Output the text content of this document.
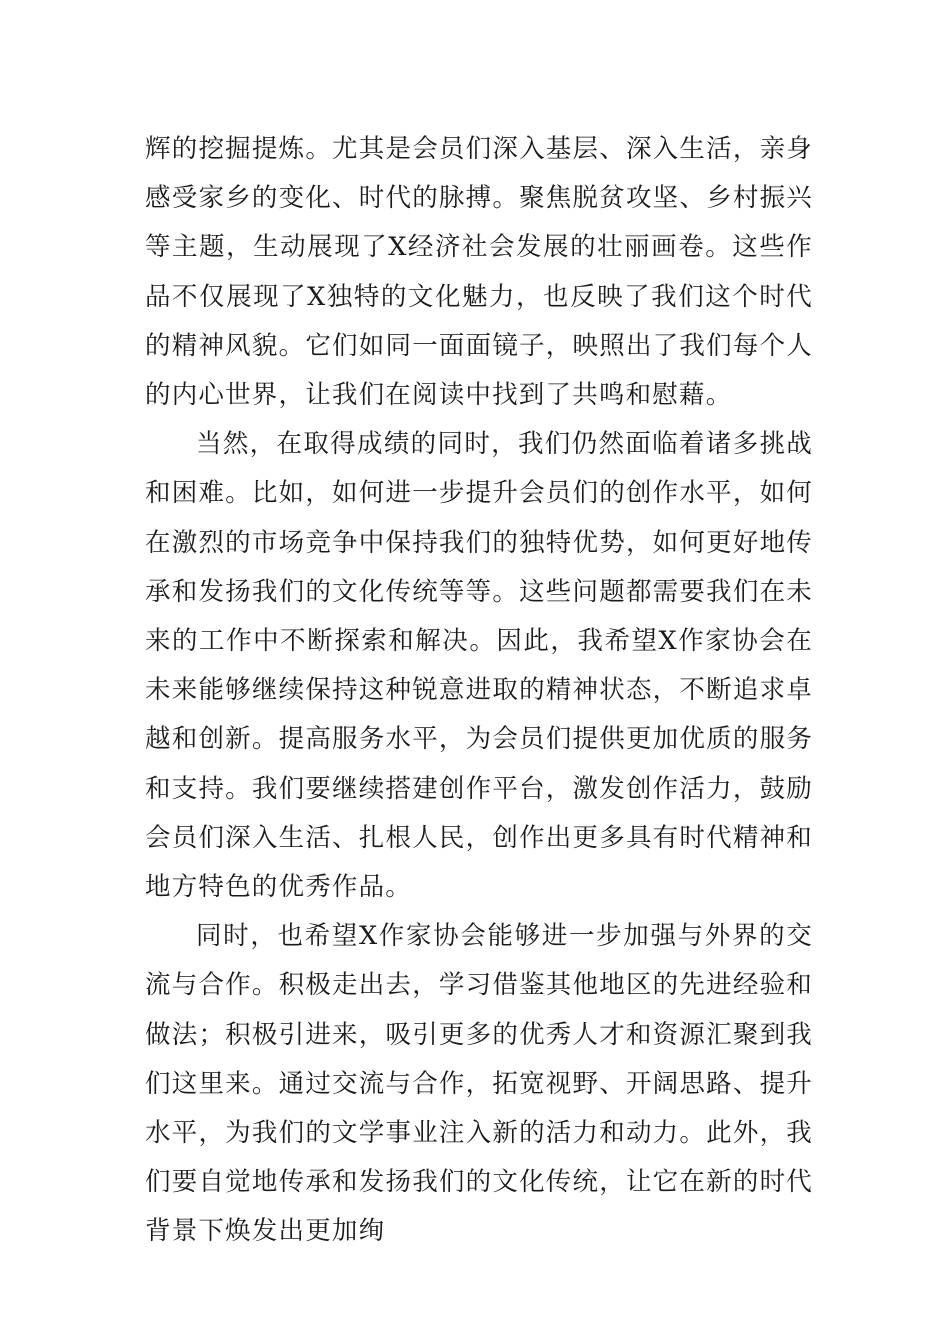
辉的挖掘提炼。尤其是会员们深入基层、深入生活，亲身感受家乡的变化、时代的脉搏。聚焦脱贫攻坚、乡村振兴等主题，生动展现了X经济社会发展的壮丽画卷。这些作品不仅展现了X独特的文化魅力，也反映了我们这个时代的精神风貌。它们如同一面面镜子，映照出了我们每个人的内心世界，让我们在阅读中找到了共鸣和慰藉。

当然，在取得成绩的同时，我们仍然面临着诸多挑战和困难。比如，如何进一步提升会员们的创作水平，如何在激烈的市场竞争中保持我们的独特优势，如何更好地传承和发扬我们的文化传统等等。这些问题都需要我们在未来的工作中不断探索和解决。因此，我希望X作家协会在未来能够继续保持这种锐意进取的精神状态，不断追求卓越和创新。提高服务水平，为会员们提供更加优质的服务和支持。我们要继续搭建创作平台，激发创作活力，鼓励会员们深入生活、扎根人民，创作出更多具有时代精神和地方特色的优秀作品。

同时，也希望X作家协会能够进一步加强与外界的交流与合作。积极走出去，学习借鉴其他地区的先进经验和做法；积极引进来，吸引更多的优秀人才和资源汇聚到我们这里来。通过交流与合作，拓宽视野、开阔思路、提升水平，为我们的文学事业注入新的活力和动力。此外，我们要自觉地传承和发扬我们的文化传统，让它在新的时代背景下焕发出更加绚
